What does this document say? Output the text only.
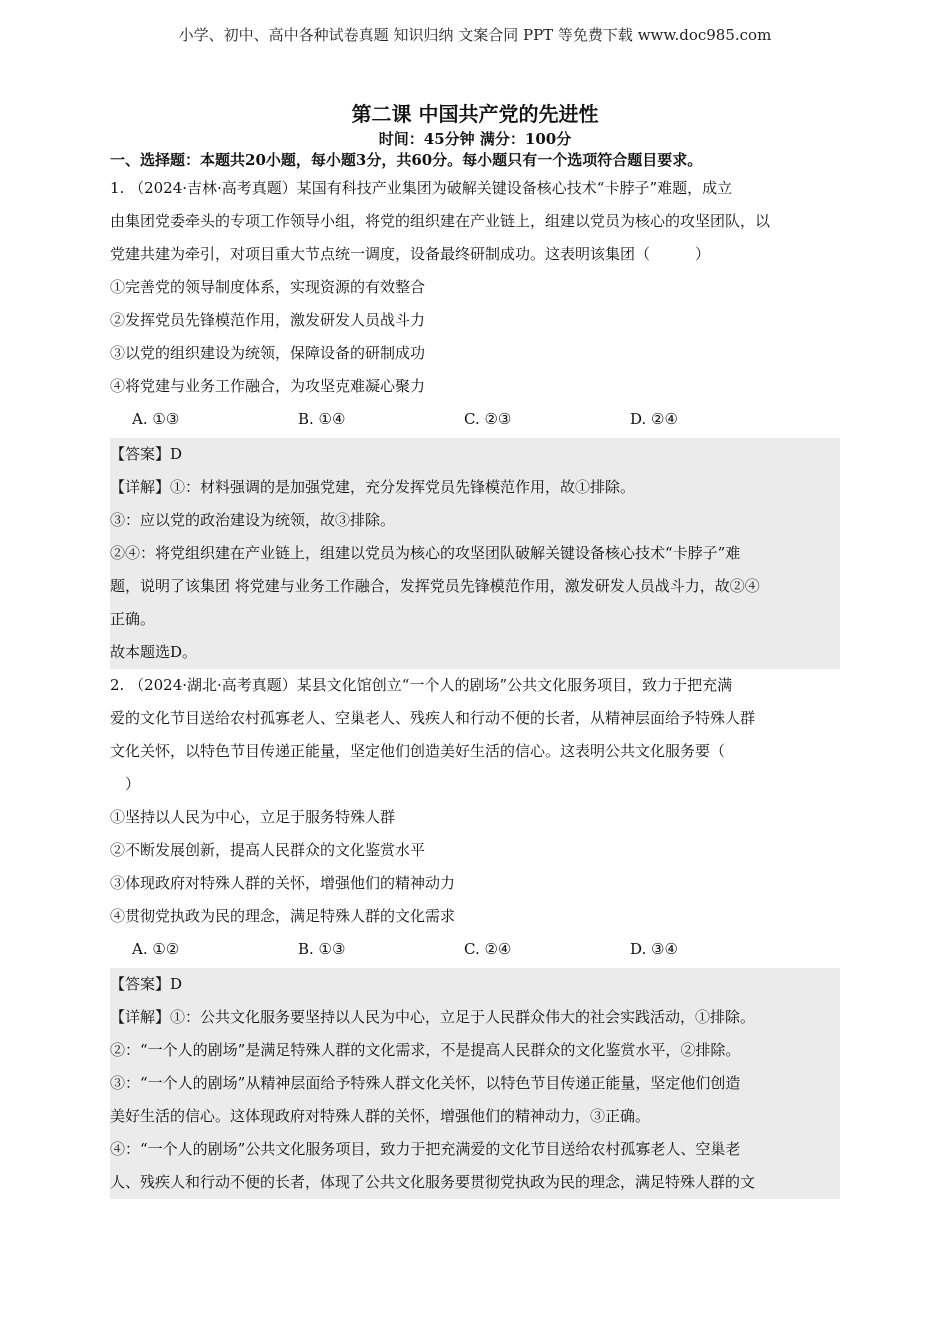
小学、初中、高中各种试卷真题 知识归纳 文案合同 PPT 等免费下载 www.doc985.com
第二课 中国共产党的先进性
时间：45分钟 满分：100分
一、选择题：本题共20小题，每小题3分，共60分。每小题只有一个选项符合题目要求。
1. （2024·吉林·高考真题）某国有科技产业集团为破解关键设备核心技术“卡脖子”难题，成立
由集团党委牵头的专项工作领导小组，将党的组织建在产业链上，组建以党员为核心的攻坚团队，以
党建共建为牵引，对项目重大节点统一调度，设备最终研制成功。这表明该集团（　　　）
①完善党的领导制度体系，实现资源的有效整合
②发挥党员先锋模范作用，激发研发人员战斗力
③以党的组织建设为统领，保障设备的研制成功
④将党建与业务工作融合，为攻坚克难凝心聚力
A. ①③	B. ①④	C. ②③	D. ②④
【答案】D
【详解】①：材料强调的是加强党建，充分发挥党员先锋模范作用，故①排除。
③：应以党的政治建设为统领，故③排除。
②④：将党组织建在产业链上，组建以党员为核心的攻坚团队破解关键设备核心技术“卡脖子”难
题，说明了该集团 将党建与业务工作融合，发挥党员先锋模范作用，激发研发人员战斗力，故②④
正确。
故本题选D。
2. （2024·湖北·高考真题）某县文化馆创立“一个人的剧场”公共文化服务项目，致力于把充满
爱的文化节目送给农村孤寡老人、空巢老人、残疾人和行动不便的长者，从精神层面给予特殊人群
文化关怀，以特色节目传递正能量，坚定他们创造美好生活的信心。这表明公共文化服务要（
　）
①坚持以人民为中心，立足于服务特殊人群
②不断发展创新，提高人民群众的文化鉴赏水平
③体现政府对特殊人群的关怀，增强他们的精神动力
④贯彻党执政为民的理念，满足特殊人群的文化需求
A. ①②	B. ①③	C. ②④	D. ③④
【答案】D
【详解】①：公共文化服务要坚持以人民为中心，立足于人民群众伟大的社会实践活动，①排除。
②：“一个人的剧场”是满足特殊人群的文化需求，不是提高人民群众的文化鉴赏水平，②排除。
③：“一个人的剧场”从精神层面给予特殊人群文化关怀，以特色节目传递正能量，坚定他们创造
美好生活的信心。这体现政府对特殊人群的关怀，增强他们的精神动力，③正确。
④：“一个人的剧场”公共文化服务项目，致力于把充满爱的文化节目送给农村孤寡老人、空巢老
人、残疾人和行动不便的长者，体现了公共文化服务要贯彻党执政为民的理念，满足特殊人群的文
